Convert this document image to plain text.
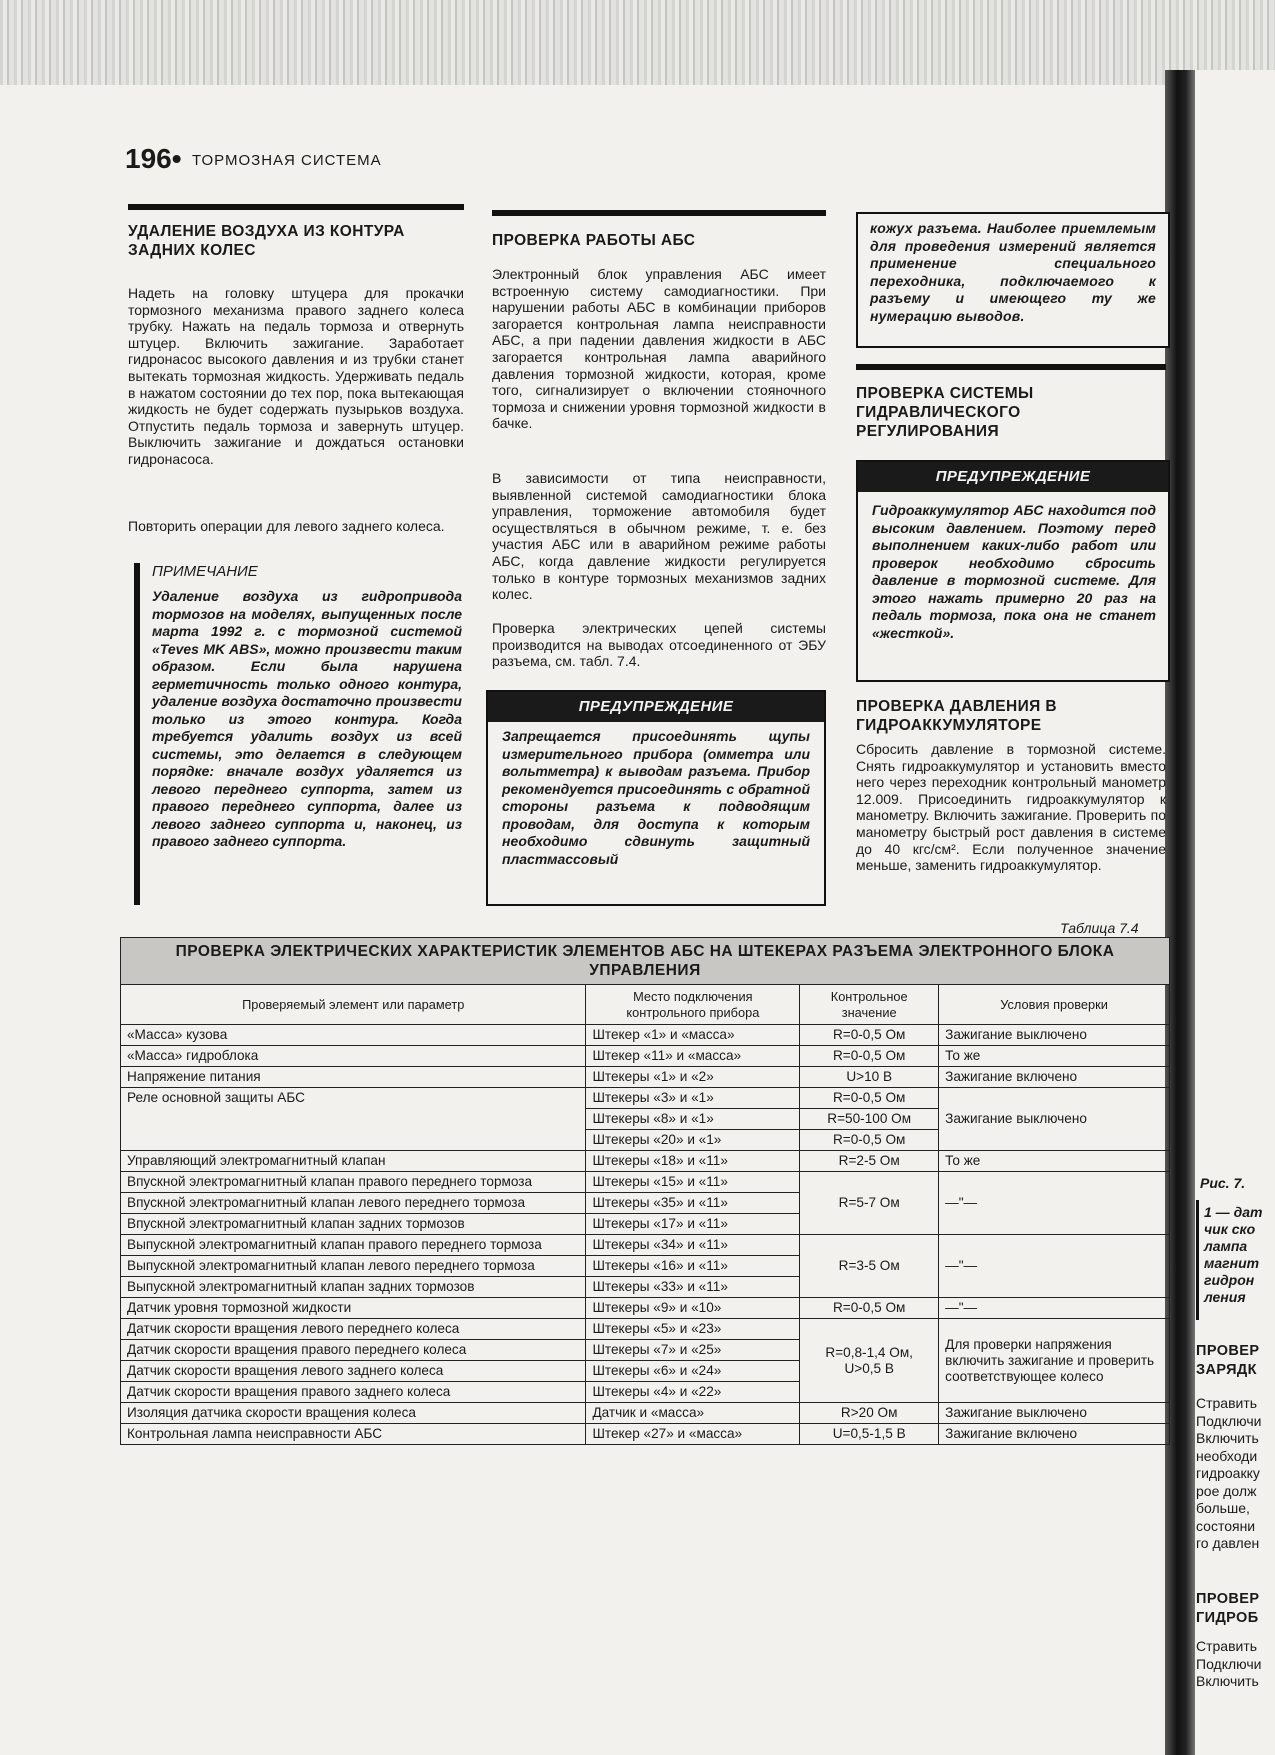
196• ТОРМОЗНАЯ СИСТЕМА
УДАЛЕНИЕ ВОЗДУХА ИЗ КОНТУРА ЗАДНИХ КОЛЕС
Надеть на головку штуцера для прокачки тормозного механизма правого заднего колеса трубку. Нажать на педаль тормоза и отвернуть штуцер. Включить зажигание. Заработает гидронасос высокого давления и из трубки станет вытекать тормозная жидкость. Удерживать педаль в нажатом состоянии до тех пор, пока вытекающая жидкость не будет содержать пузырьков воздуха. Отпустить педаль тормоза и завернуть штуцер. Выключить зажигание и дождаться остановки гидронасоса.
Повторить операции для левого заднего колеса.
ПРИМЕЧАНИЕ
Удаление воздуха из гидропривода тормозов на моделях, выпущенных после марта 1992 г. с тормозной системой «Teves MK ABS», можно произвести таким образом. Если была нарушена герметичность только одного контура, удаление воздуха достаточно произвести только из этого контура. Когда требуется удалить воздух из всей системы, это делается в следующем порядке: вначале воздух удаляется из левого переднего суппорта, затем из правого переднего суппорта, далее из левого заднего суппорта и, наконец, из правого заднего суппорта.
ПРОВЕРКА РАБОТЫ АБС
Электронный блок управления АБС имеет встроенную систему самодиагностики. При нарушении работы АБС в комбинации приборов загорается контрольная лампа неисправности АБС, а при падении давления жидкости в АБС загорается контрольная лампа аварийного давления тормозной жидкости, которая, кроме того, сигнализирует о включении стояночного тормоза и снижении уровня тормозной жидкости в бачке.
В зависимости от типа неисправности, выявленной системой самодиагностики блока управления, торможение автомобиля будет осуществляться в обычном режиме, т. е. без участия АБС или в аварийном режиме работы АБС, когда давление жидкости регулируется только в контуре тормозных механизмов задних колес.
Проверка электрических цепей системы производится на выводах отсоединенного от ЭБУ разъема, см. табл. 7.4.
ПРЕДУПРЕЖДЕНИЕ
Запрещается присоединять щупы измерительного прибора (омметра или вольтметра) к выводам разъема. Прибор рекомендуется присоединять с обратной стороны разъема к подводящим проводам, для доступа к которым необходимо сдвинуть защитный пластмассовый
кожух разъема. Наиболее приемлемым для проведения измерений является применение специального переходника, подключаемого к разъему и имеющего ту же нумерацию выводов.
ПРОВЕРКА СИСТЕМЫ ГИДРАВЛИЧЕСКОГО РЕГУЛИРОВАНИЯ
ПРЕДУПРЕЖДЕНИЕ
Гидроаккумулятор АБС находится под высоким давлением. Поэтому перед выполнением каких-либо работ или проверок необходимо сбросить давление в тормозной системе. Для этого нажать примерно 20 раз на педаль тормоза, пока она не станет «жесткой».
ПРОВЕРКА ДАВЛЕНИЯ В ГИДРОАККУМУЛЯТОРЕ
Сбросить давление в тормозной системе. Снять гидроаккумулятор и установить вместо него через переходник контрольный манометр 12.009. Присоединить гидроаккумулятор к манометру. Включить зажигание. Проверить по манометру быстрый рост давления в системе до 40 кгс/см². Если полученное значение меньше, заменить гидроаккумулятор.
Таблица 7.4
ПРОВЕРКА ЭЛЕКТРИЧЕСКИХ ХАРАКТЕРИСТИК ЭЛЕМЕНТОВ АБС НА ШТЕКЕРАХ РАЗЪЕМА ЭЛЕКТРОННОГО БЛОКА УПРАВЛЕНИЯ			
Проверяемый элемент или параметр	Место подключения контрольного прибора	Контрольное значение	Условия проверки
«Масса» кузова	Штекер «1» и «масса»	R=0-0,5 Ом	Зажигание выключено
«Масса» гидроблока	Штекер «11» и «масса»	R=0-0,5 Ом	То же
Напряжение питания	Штекеры «1» и «2»	U>10 В	Зажигание включено
Реле основной защиты АБС	Штекеры «3» и «1»	R=0-0,5 Ом	Зажигание выключено
	Штекеры «8» и «1»	R=50-100 Ом	
	Штекеры «20» и «1»	R=0-0,5 Ом	
Управляющий электромагнитный клапан	Штекеры «18» и «11»	R=2-5 Ом	То же
Впускной электромагнитный клапан правого переднего тормоза	Штекеры «15» и «11»	R=5-7 Ом	—"—
Впускной электромагнитный клапан левого переднего тормоза	Штекеры «35» и «11»		
Впускной электромагнитный клапан задних тормозов	Штекеры «17» и «11»		
Выпускной электромагнитный клапан правого переднего тормоза	Штекеры «34» и «11»	R=3-5 Ом	—"—
Выпускной электромагнитный клапан левого переднего тормоза	Штекеры «16» и «11»		
Выпускной электромагнитный клапан задних тормозов	Штекеры «33» и «11»		
Датчик уровня тормозной жидкости	Штекеры «9» и «10»	R=0-0,5 Ом	—"—
Датчик скорости вращения левого переднего колеса	Штекеры «5» и «23»	R=0,8-1,4 Ом, U>0,5 В	Для проверки напряжения включить зажигание и проверить соответствующее колесо
Датчик скорости вращения правого переднего колеса	Штекеры «7» и «25»		
Датчик скорости вращения левого заднего колеса	Штекеры «6» и «24»		
Датчик скорости вращения правого заднего колеса	Штекеры «4» и «22»		
Изоляция датчика скорости вращения колеса	Датчик и «масса»	R>20 Ом	Зажигание выключено
Контрольная лампа неисправности АБС	Штекер «27» и «масса»	U=0,5-1,5 В	Зажигание включено
Рис. 7.
1 — дат
чик ско
лампа
магнит
гидрон
ления
ПРОВЕР
ЗАРЯДК
Стравить
Подключи
Включить
необходи
гидроакку
рое долж
больше,
состояни
го давлен
ПРОВЕР
ГИДРОБ
Стравить
Подключи
Включить
